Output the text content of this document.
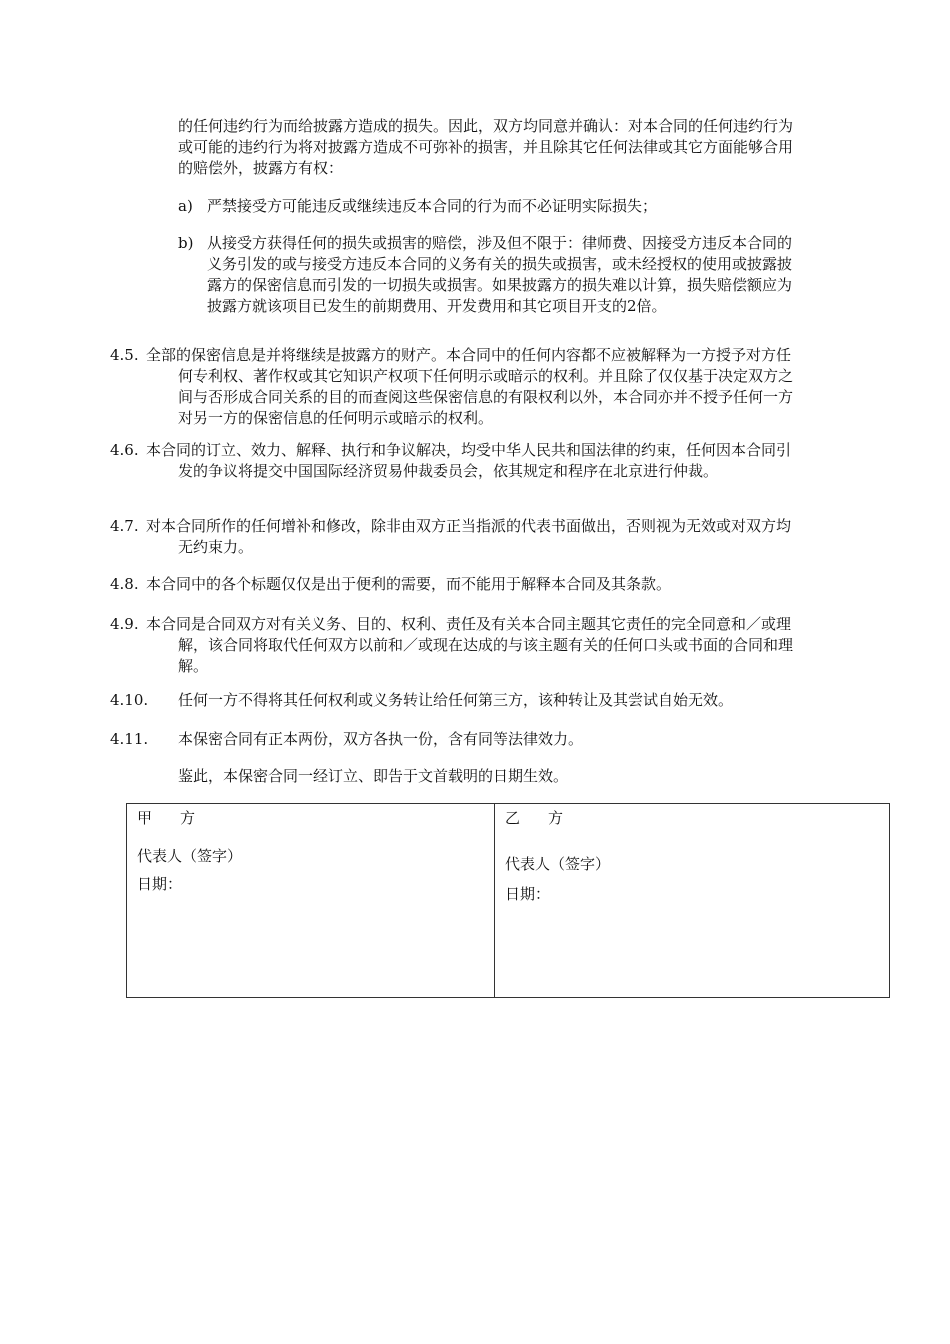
的任何违约行为而给披露方造成的损失。因此，双方均同意并确认：对本合同的任何违约行为或可能的违约行为将对披露方造成不可弥补的损害，并且除其它任何法律或其它方面能够合用的赔偿外，披露方有权：

a) 严禁接受方可能违反或继续违反本合同的行为而不必证明实际损失；
b) 从接受方获得任何的损失或损害的赔偿，涉及但不限于：律师费、因接受方违反本合同的义务引发的或与接受方违反本合同的义务有关的损失或损害，或未经授权的使用或披露披露方的保密信息而引发的一切损失或损害。如果披露方的损失难以计算，损失赔偿额应为披露方就该项目已发生的前期费用、开发费用和其它项目开支的2倍。
4.5. 全部的保密信息是并将继续是披露方的财产。本合同中的任何内容都不应被解释为一方授予对方任何专利权、著作权或其它知识产权项下任何明示或暗示的权利。并且除了仅仅基于决定双方之间与否形成合同关系的目的而查阅这些保密信息的有限权利以外，本合同亦并不授予任何一方对另一方的保密信息的任何明示或暗示的权利。

4.6. 本合同的订立、效力、解释、执行和争议解决，均受中华人民共和国法律的约束，任何因本合同引发的争议将提交中国国际经济贸易仲裁委员会，依其规定和程序在北京进行仲裁。

4.7. 对本合同所作的任何增补和修改，除非由双方正当指派的代表书面做出，否则视为无效或对双方均无约束力。

4.8. 本合同中的各个标题仅仅是出于便利的需要，而不能用于解释本合同及其条款。

4.9. 本合同是合同双方对有关义务、目的、权利、责任及有关本合同主题其它责任的完全同意和／或理解，该合同将取代任何双方以前和／或现在达成的与该主题有关的任何口头或书面的合同和理解。

4.10. 任何一方不得将其任何权利或义务转让给任何第三方，该种转让及其尝试自始无效。

4.11. 本保密合同有正本两份，双方各执一份，含有同等法律效力。

鉴此，本保密合同一经订立、即告于文首载明的日期生效。

甲 方
代表人（签字）
日期：
乙 方
代表人（签字）
日期：
